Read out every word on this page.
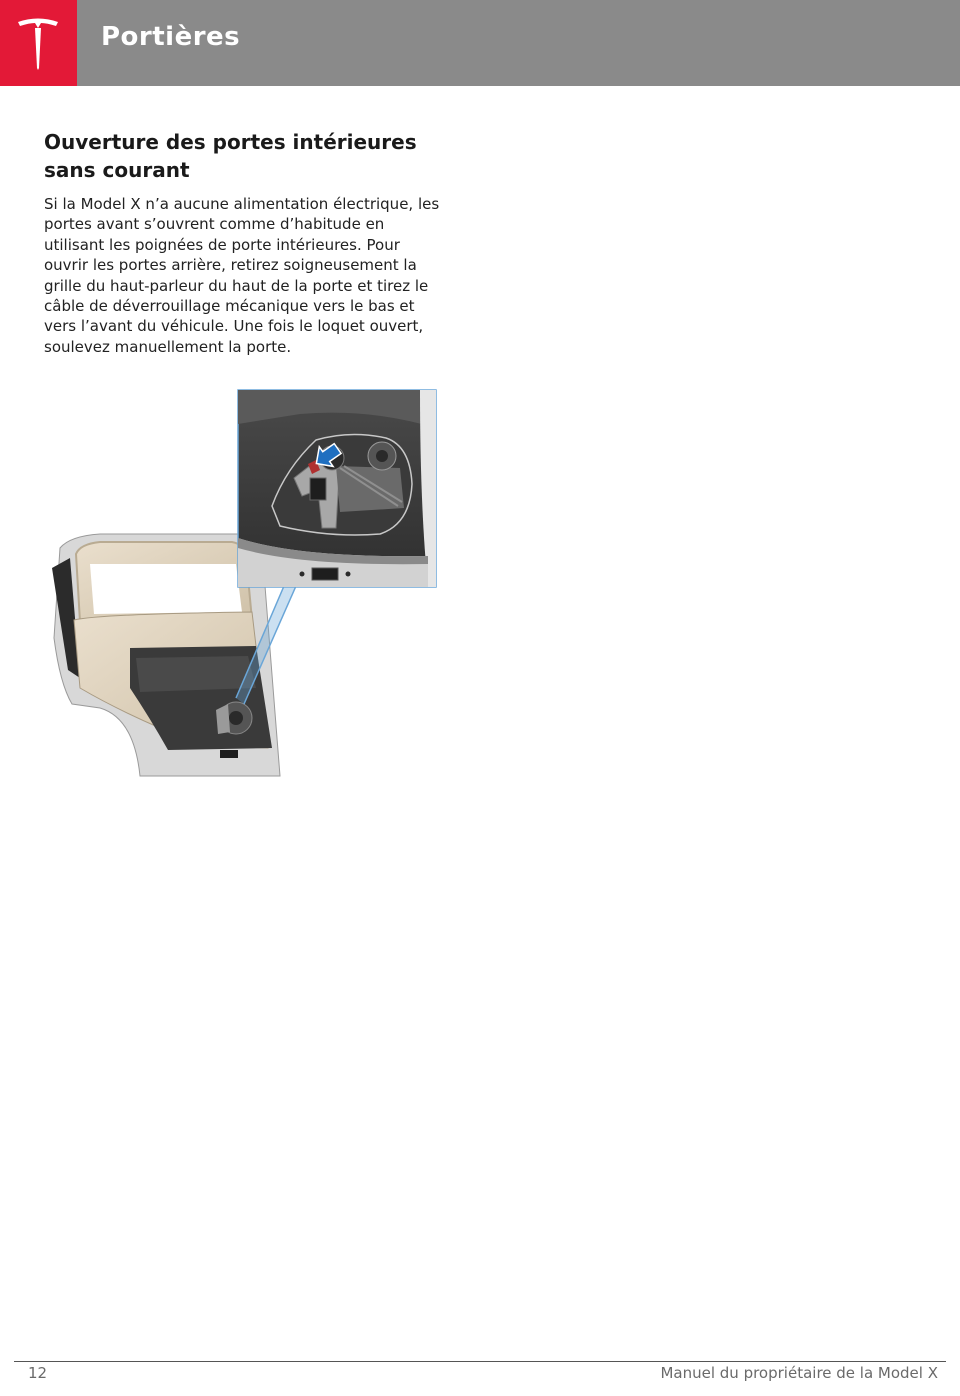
Portières
Ouverture des portes intérieures sans courant

Si la Model X n’a aucune alimentation électrique, les portes avant s’ouvrent comme d’habitude en utilisant les poignées de porte intérieures. Pour ouvrir les portes arrière, retirez soigneusement la grille du haut-parleur du haut de la porte et tirez le câble de déverrouillage mécanique vers le bas et vers l’avant du véhicule. Une fois le loquet ouvert, soulevez manuellement la porte.

12	Manuel du propriétaire de la Model X
